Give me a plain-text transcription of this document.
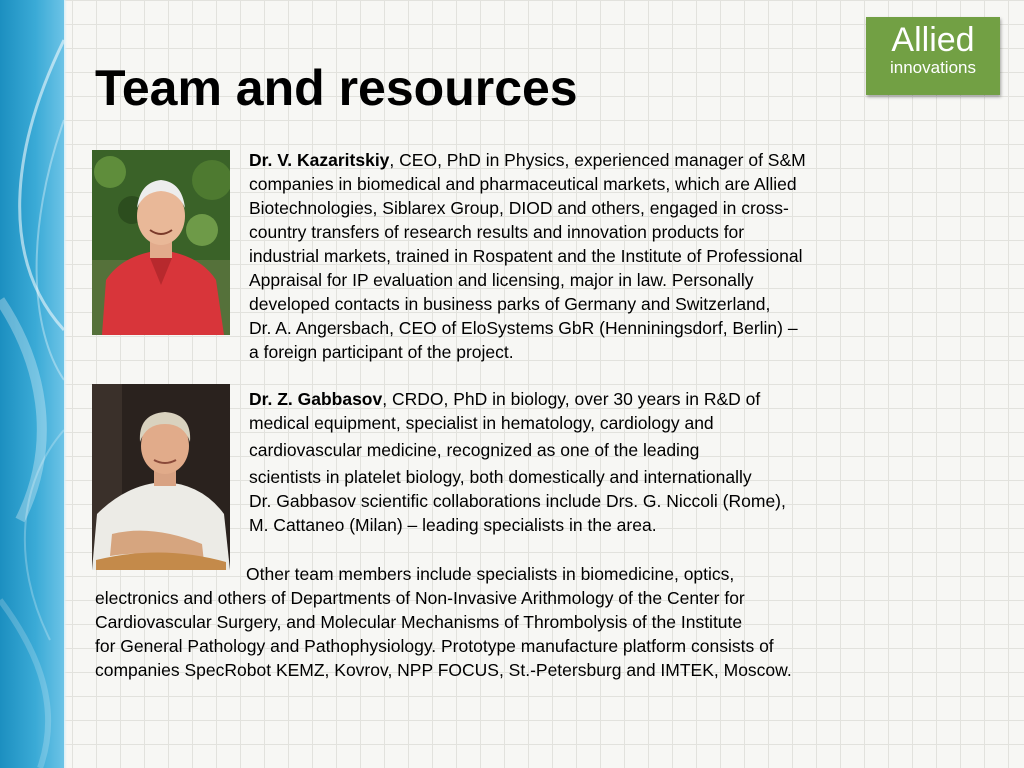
Allied
innovations
Team and resources

Dr. V. Kazaritskiy, CEO, PhD in Physics, experienced manager of S&M
companies in biomedical and pharmaceutical markets, which are Allied
Biotechnologies, Siblarex Group, DIOD and others, engaged in cross-
country transfers of research results and innovation products for
industrial markets, trained in Rospatent and the Institute of Professional
Appraisal for IP evaluation and licensing, major in law. Personally
developed contacts in business parks of Germany and Switzerland,
Dr. A. Angersbach, CEO of EloSystems GbR (Henniningsdorf, Berlin) –
a foreign participant of the project.

Dr. Z. Gabbasov, CRDO, PhD in biology, over 30 years in R&D of
medical equipment, specialist in hematology, cardiology and
cardiovascular medicine, recognized as one of the leading
scientists in platelet biology, both domestically and internationally
Dr. Gabbasov scientific collaborations include Drs. G. Niccoli (Rome),
M. Cattaneo (Milan) – leading specialists in the area.

Other team members include specialists in biomedicine, optics,
electronics and others of Departments of Non-Invasive Arithmology of the Center for
Cardiovascular Surgery, and Molecular Mechanisms of Thrombolysis of the Institute
for General Pathology and Pathophysiology. Prototype manufacture platform consists of
companies SpecRobot KEMZ, Kovrov, NPP FOCUS, St.-Petersburg and IMTEK, Moscow.
